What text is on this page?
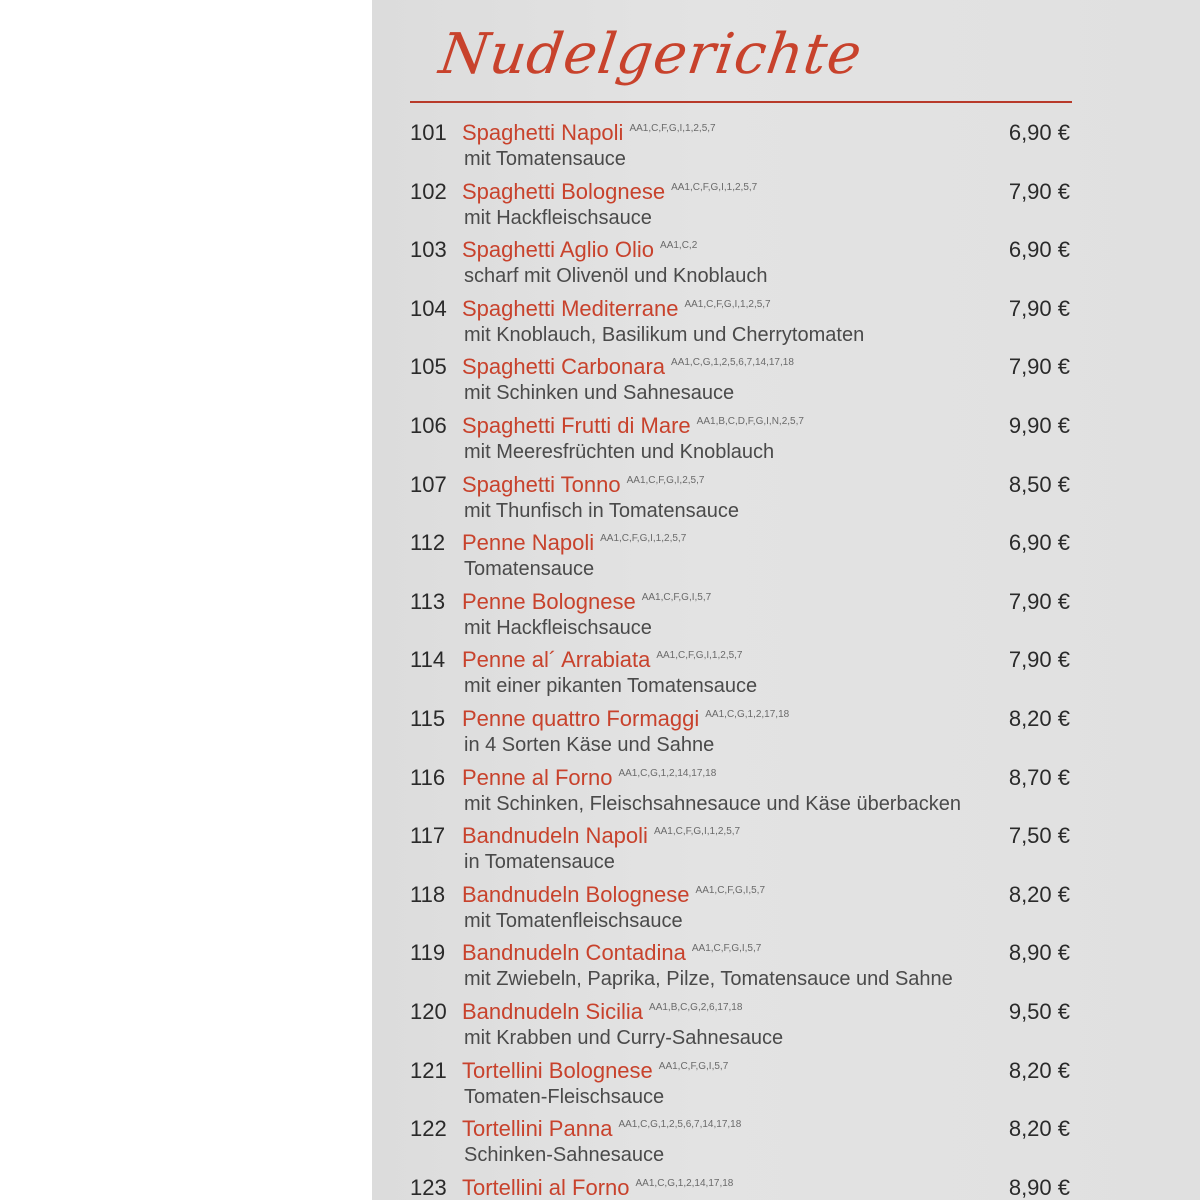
Nudelgerichte
101 Spaghetti Napoli AA1,C,F,G,I,1,2,5,7	6,90 €
mit Tomatensauce
102 Spaghetti Bolognese AA1,C,F,G,I,1,2,5,7	7,90 €
mit Hackfleischsauce
103 Spaghetti Aglio Olio AA1,C,2	6,90 €
scharf mit Olivenöl und Knoblauch
104 Spaghetti Mediterrane AA1,C,F,G,I,1,2,5,7	7,90 €
mit Knoblauch, Basilikum und Cherrytomaten
105 Spaghetti Carbonara AA1,C,G,1,2,5,6,7,14,17,18	7,90 €
mit Schinken und Sahnesauce
106 Spaghetti Frutti di Mare AA1,B,C,D,F,G,I,N,2,5,7	9,90 €
mit Meeresfrüchten und Knoblauch
107 Spaghetti Tonno AA1,C,F,G,I,2,5,7	8,50 €
mit Thunfisch in Tomatensauce
112 Penne Napoli AA1,C,F,G,I,1,2,5,7	6,90 €
Tomatensauce
113 Penne Bolognese AA1,C,F,G,I,5,7	7,90 €
mit Hackfleischsauce
114 Penne al´ Arrabiata AA1,C,F,G,I,1,2,5,7	7,90 €
mit einer pikanten Tomatensauce
115 Penne quattro Formaggi AA1,C,G,1,2,17,18	8,20 €
in 4 Sorten Käse und Sahne
116 Penne al Forno AA1,C,G,1,2,14,17,18	8,70 €
mit Schinken, Fleischsahnesauce und Käse überbacken
117 Bandnudeln Napoli AA1,C,F,G,I,1,2,5,7	7,50 €
in Tomatensauce
118 Bandnudeln Bolognese AA1,C,F,G,I,5,7	8,20 €
mit Tomatenfleischsauce
119 Bandnudeln Contadina AA1,C,F,G,I,5,7	8,90 €
mit Zwiebeln, Paprika, Pilze, Tomatensauce und Sahne
120 Bandnudeln Sicilia AA1,B,C,G,2,6,17,18	9,50 €
mit Krabben und Curry-Sahnesauce
121 Tortellini Bolognese AA1,C,F,G,I,5,7	8,20 €
Tomaten-Fleischsauce
122 Tortellini Panna AA1,C,G,1,2,5,6,7,14,17,18	8,20 €
Schinken-Sahnesauce
123 Tortellini al Forno AA1,C,G,1,2,14,17,18	8,90 €
